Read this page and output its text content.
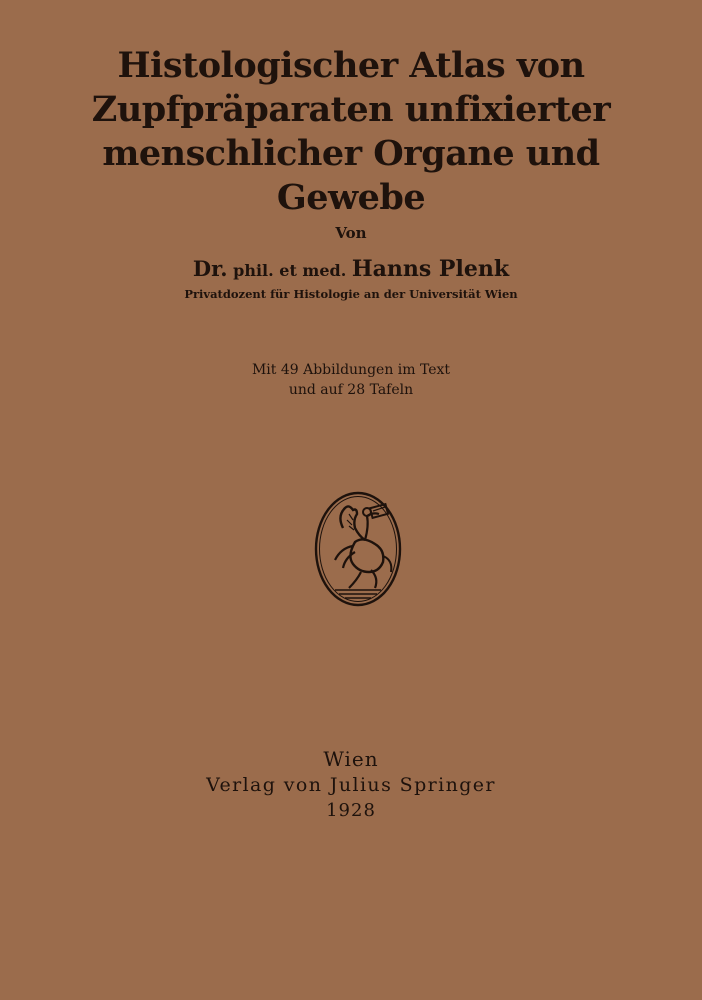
Histologischer Atlas von
Zupfpräparaten unfixierter
menschlicher Organe und
Gewebe
Von
Dr. phil. et med. Hanns Plenk
Privatdozent für Histologie an der Universität Wien
Mit 49 Abbildungen im Text
und auf 28 Tafeln
Wien
Verlag von Julius Springer
1928
